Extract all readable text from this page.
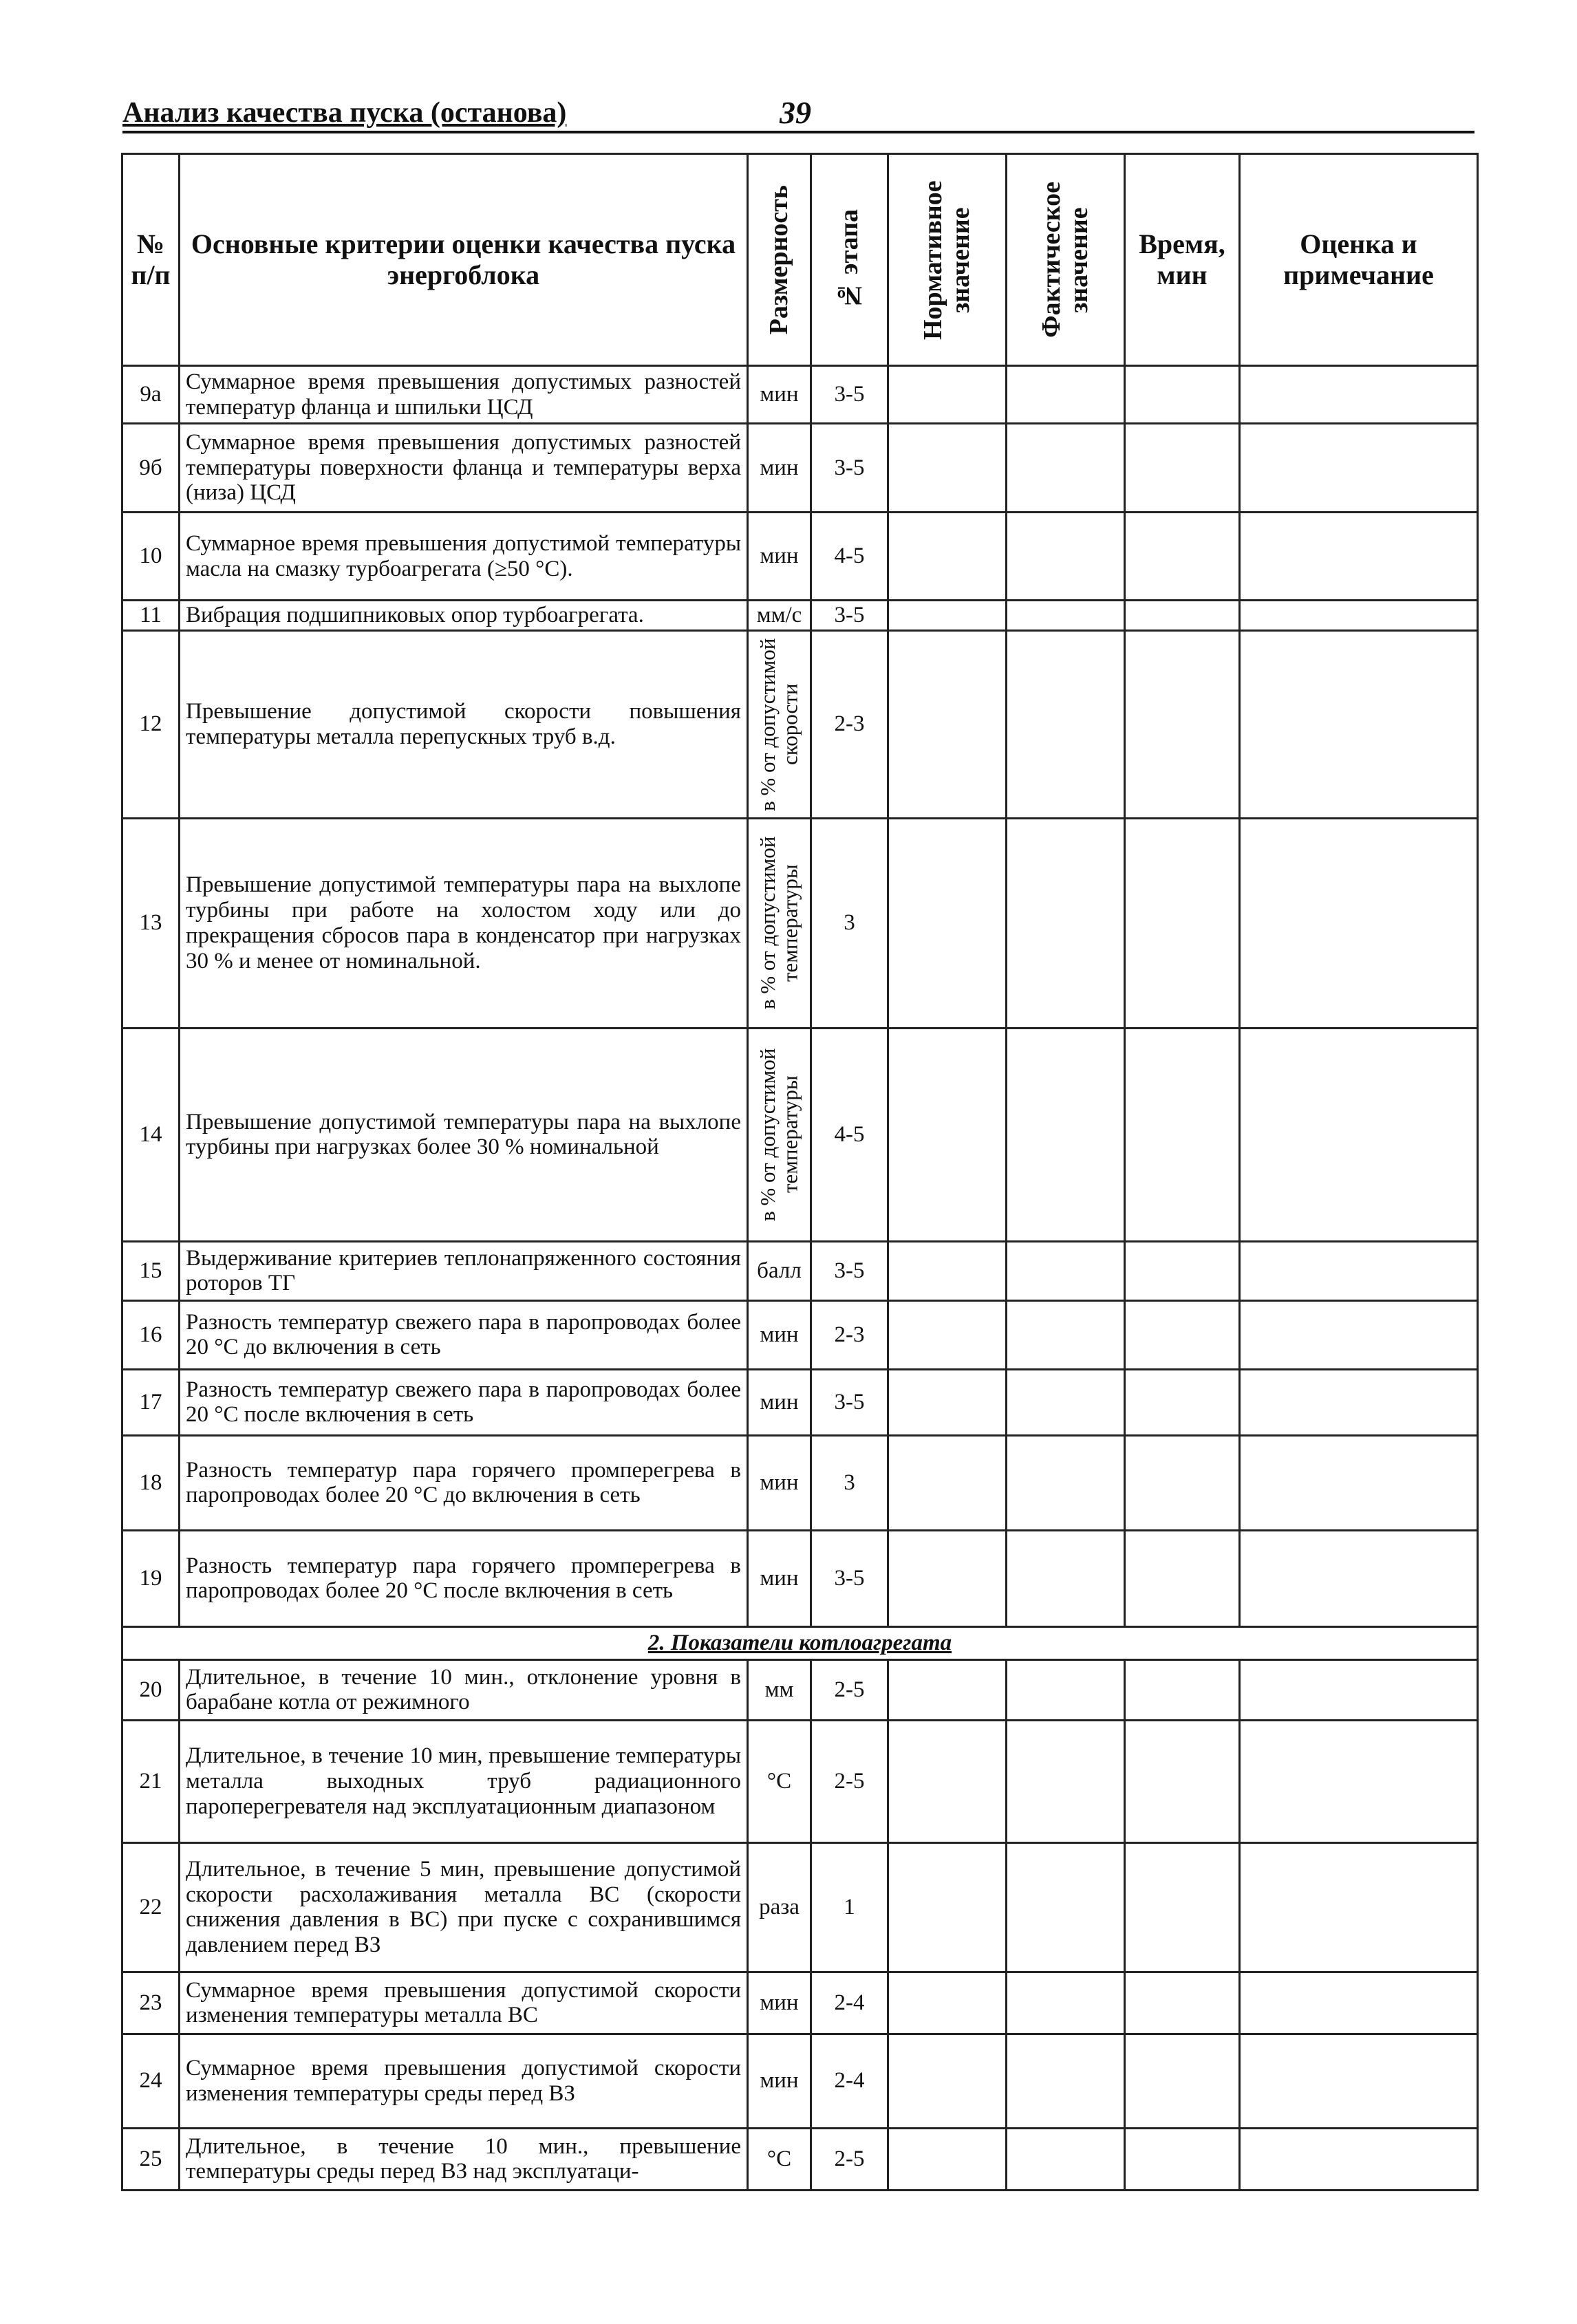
Анализ качества пуска (останова)	39
№ п/п	Основные критерии оценки качества пуска энергоблока	Размерность	№ этапа	Нормативное значение	Фактическое значение	Время, мин	Оценка и примечание
9а	Суммарное время превышения допустимых разностей температур фланца и шпильки ЦСД	мин	3-5				
9б	Суммарное время превышения допустимых разностей температуры поверхности фланца и температуры верха (низа) ЦСД	мин	3-5				
10	Суммарное время превышения допустимой температуры масла на смазку турбоагрегата (≥50 °С).	мин	4-5				
11	Вибрация подшипниковых опор турбоагрегата.	мм/с	3-5				
12	Превышение допустимой скорости повышения температуры металла перепускных труб в.д.	в % от допустимой скорости	2-3				
13	Превышение допустимой температуры пара на выхлопе турбины при работе на холостом ходу или до прекращения сбросов пара в конденсатор при нагрузках 30 % и менее от номинальной.	в % от допустимой температуры	3				
14	Превышение допустимой температуры пара на выхлопе турбины при нагрузках более 30 % номинальной	в % от допустимой температуры	4-5				
15	Выдерживание критериев теплонапряженного состояния роторов ТГ	балл	3-5				
16	Разность температур свежего пара в паропроводах более 20 °С до включения в сеть	мин	2-3				
17	Разность температур свежего пара в паропроводах более 20 °С после включения в сеть	мин	3-5				
18	Разность температур пара горячего промперегрева в паропроводах более 20 °С до включения в сеть	мин	3				
19	Разность температур пара горячего промперегрева в паропроводах более 20 °С после включения в сеть	мин	3-5				
2. Показатели котлоагрегата							
20	Длительное, в течение 10 мин., отклонение уровня в барабане котла от режимного	мм	2-5				
21	Длительное, в течение 10 мин, превышение температуры металла выходных труб радиационного пароперегревателя над эксплуатационным диапазоном	°С	2-5				
22	Длительное, в течение 5 мин, превышение допустимой скорости расхолаживания металла ВС (скорости снижения давления в ВС) при пуске с сохранившимся давлением перед ВЗ	раза	1				
23	Суммарное время превышения допустимой скорости изменения температуры металла ВС	мин	2-4				
24	Суммарное время превышения допустимой скорости изменения температуры среды перед ВЗ	мин	2-4				
25	Длительное, в течение 10 мин., превышение температуры среды перед ВЗ над эксплуатаци-	°С	2-5				
